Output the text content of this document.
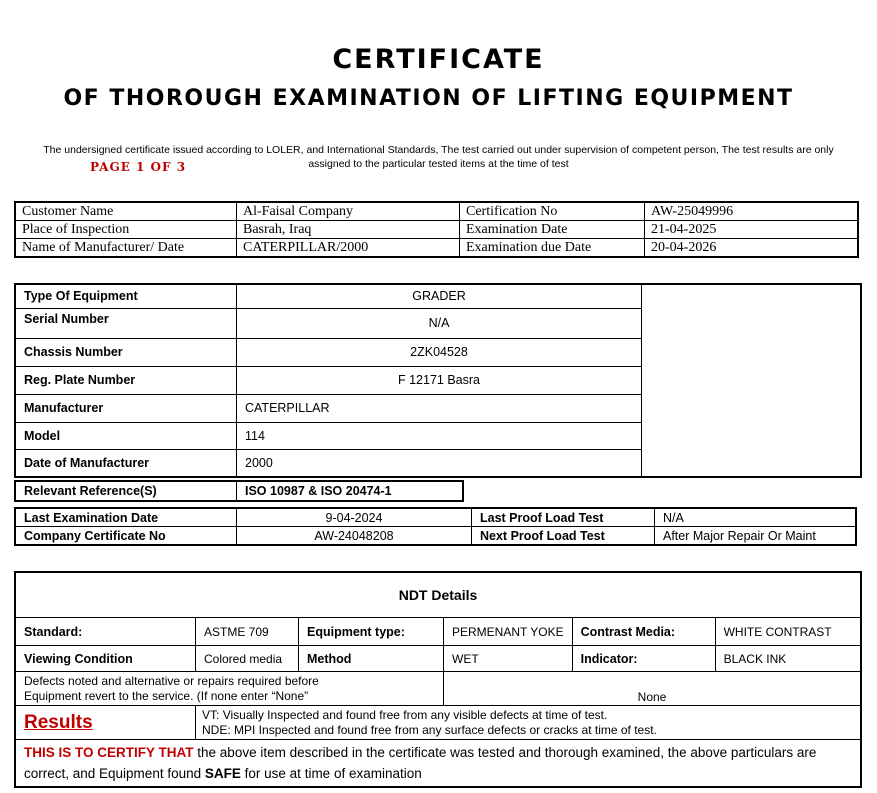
CERTIFICATE
OF THOROUGH EXAMINATION OF LIFTING EQUIPMENT
The undersigned certificate issued according to LOLER, and International Standards, The test carried out under supervision of competent person, The test results are only
assigned to the particular tested items at the time of test
PAGE 1 OF 3
Customer Name	Al-Faisal Company	Certification No	AW-25049996
Place of Inspection	Basrah, Iraq	Examination Date	21-04-2025
Name of Manufacturer/ Date	CATERPILLAR/2000	Examination due Date	20-04-2026
Type Of Equipment	GRADER	
Serial Number	N/A	
Chassis Number	2ZK04528	
Reg. Plate Number	F 12171 Basra	
Manufacturer	CATERPILLAR	
Model	114	
Date of Manufacturer	2000	
Relevant Reference(S)	ISO 10987 & ISO 20474-1
Last Examination Date	9-04-2024	Last Proof Load Test	N/A
Company Certificate No	AW-24048208	Next Proof Load Test	After Major Repair Or Maint
NDT Details					
Standard:	ASTME 709	Equipment type:	PERMENANT YOKE	Contrast Media:	WHITE CONTRAST
Viewing Condition	Colored media	Method	WET	Indicator:	BLACK INK

Defects noted and alternative or repairs required before
Equipment revert to the service. (If none enter “None”			None		
Results	VT: Visually Inspected and found free from any visible defects at time of test.
NDE: MPI Inspected and found free from any surface defects or cracks at time of test.				

THIS IS TO CERTIFY THAT the above item described in the certificate was tested and thorough examined, the above particulars are correct, and Equipment found SAFE for use at time of examination					
